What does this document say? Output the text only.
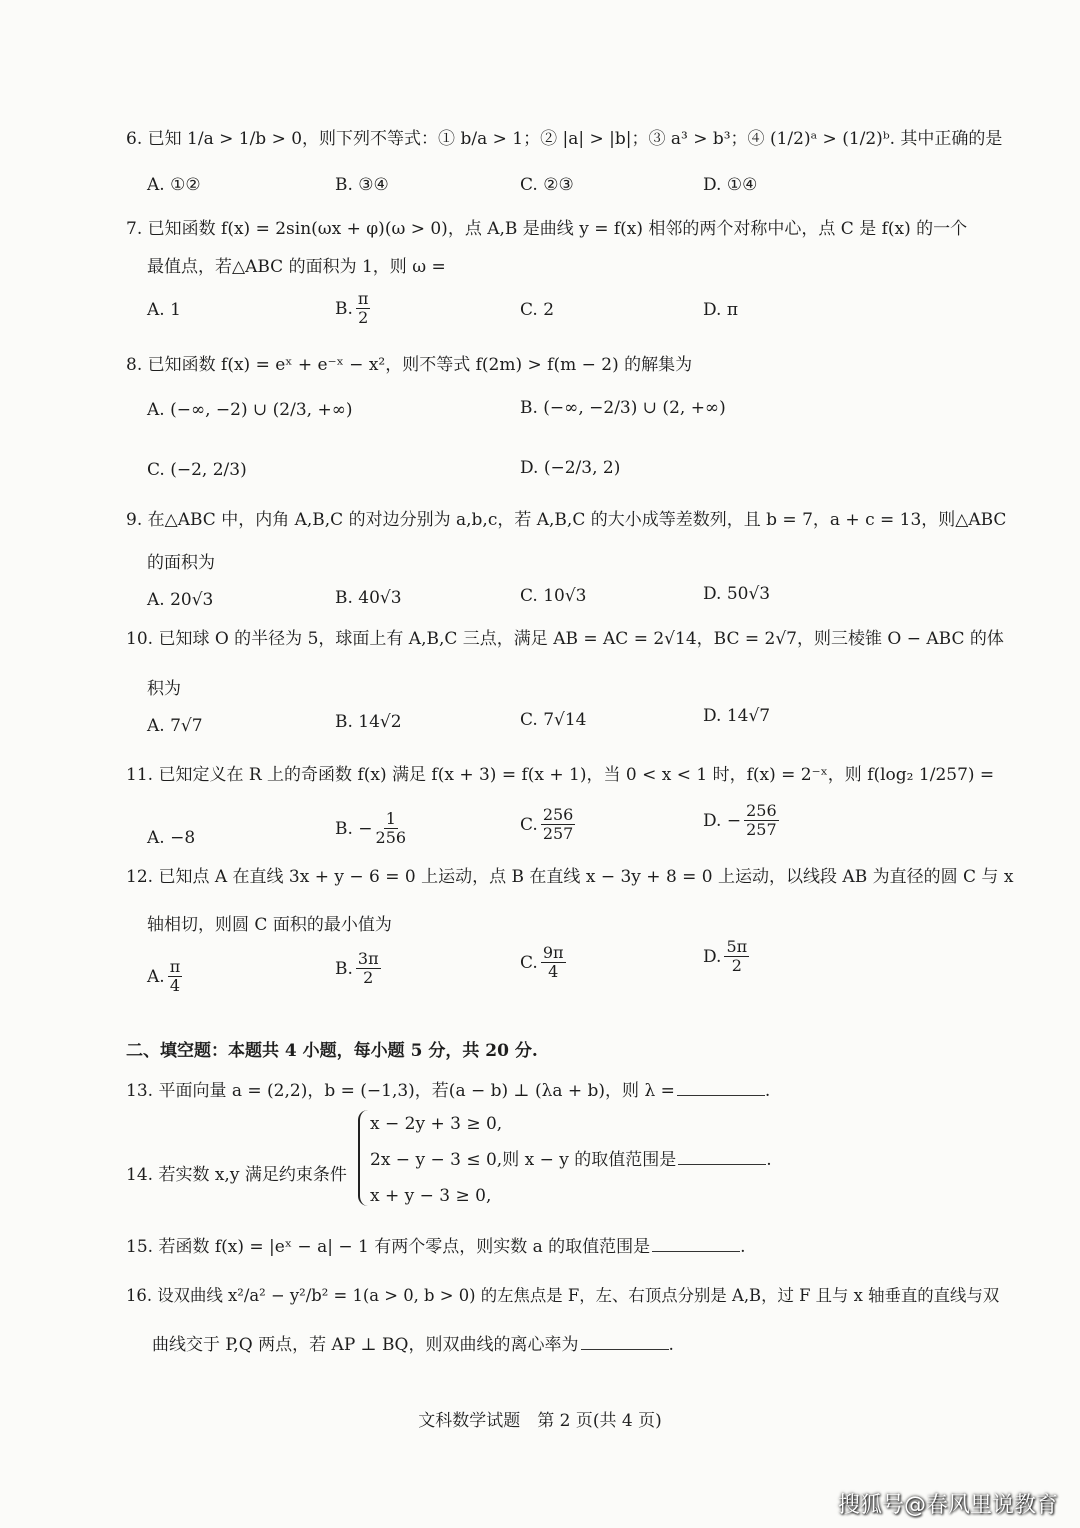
6. 已知 1/a > 1/b > 0，则下列不等式：① b/a > 1；② |a| > |b|；③ a³ > b³；④ (1/2)ᵃ > (1/2)ᵇ. 其中正确的是
A. ①②	B. ③④	C. ②③	D. ①④
7. 已知函数 f(x) = 2sin(ωx + φ)(ω > 0)，点 A,B 是曲线 y = f(x) 相邻的两个对称中心，点 C 是 f(x) 的一个
最值点，若△ABC 的面积为 1，则 ω =
A. 1	B. $\frac{\pi}{2}$	C. 2	D. π
8. 已知函数 f(x) = eˣ + e⁻ˣ − x²，则不等式 f(2m) > f(m − 2) 的解集为
A. (−∞, −2) ∪ (2/3, +∞)	B. (−∞, −2/3) ∪ (2, +∞)
C. (−2, 2/3)	D. (−2/3, 2)
9. 在△ABC 中，内角 A,B,C 的对边分别为 a,b,c，若 A,B,C 的大小成等差数列，且 b = 7，a + c = 13，则△ABC
的面积为
A. 20√3	B. 40√3	C. 10√3	D. 50√3
10. 已知球 O 的半径为 5，球面上有 A,B,C 三点，满足 AB = AC = 2√14，BC = 2√7，则三棱锥 O − ABC 的体
积为
A. 7√7	B. 14√2	C. 7√14	D. 14√7
11. 已知定义在 R 上的奇函数 f(x) 满足 f(x + 3) = f(x + 1)，当 0 < x < 1 时，f(x) = 2⁻ˣ，则 f(log₂ 1/257) =
A. −8	B. − $\frac{1}{256}$	C. $\frac{256}{257}$	D. − $\frac{256}{257}$
12. 已知点 A 在直线 3x + y − 6 = 0 上运动，点 B 在直线 x − 3y + 8 = 0 上运动，以线段 AB 为直径的圆 C 与 x
轴相切，则圆 C 面积的最小值为
A. $\frac{\pi}{4}$	B. $\frac{3\pi}{2}$	C. $\frac{9\pi}{4}$	D. $\frac{5\pi}{2}$
二、填空题：本题共 4 小题，每小题 5 分，共 20 分.
13. 平面向量 a = (2,2)，b = (−1,3)，若(a − b) ⊥ (λa + b)，则 λ =	.
14. 若实数 x,y 满足约束条件
x − 2y + 3 ≥ 0,
2x − y − 3 ≤ 0,则 x − y 的取值范围是	.
x + y − 3 ≥ 0,
15. 若函数 f(x) = |eˣ − a| − 1 有两个零点，则实数 a 的取值范围是	.
16. 设双曲线 x²/a² − y²/b² = 1(a > 0, b > 0) 的左焦点是 F，左、右顶点分别是 A,B，过 F 且与 x 轴垂直的直线与双
曲线交于 P,Q 两点，若 AP ⊥ BQ，则双曲线的离心率为	.
文科数学试题　第 2 页(共 4 页)
搜狐号@春风里说教育
